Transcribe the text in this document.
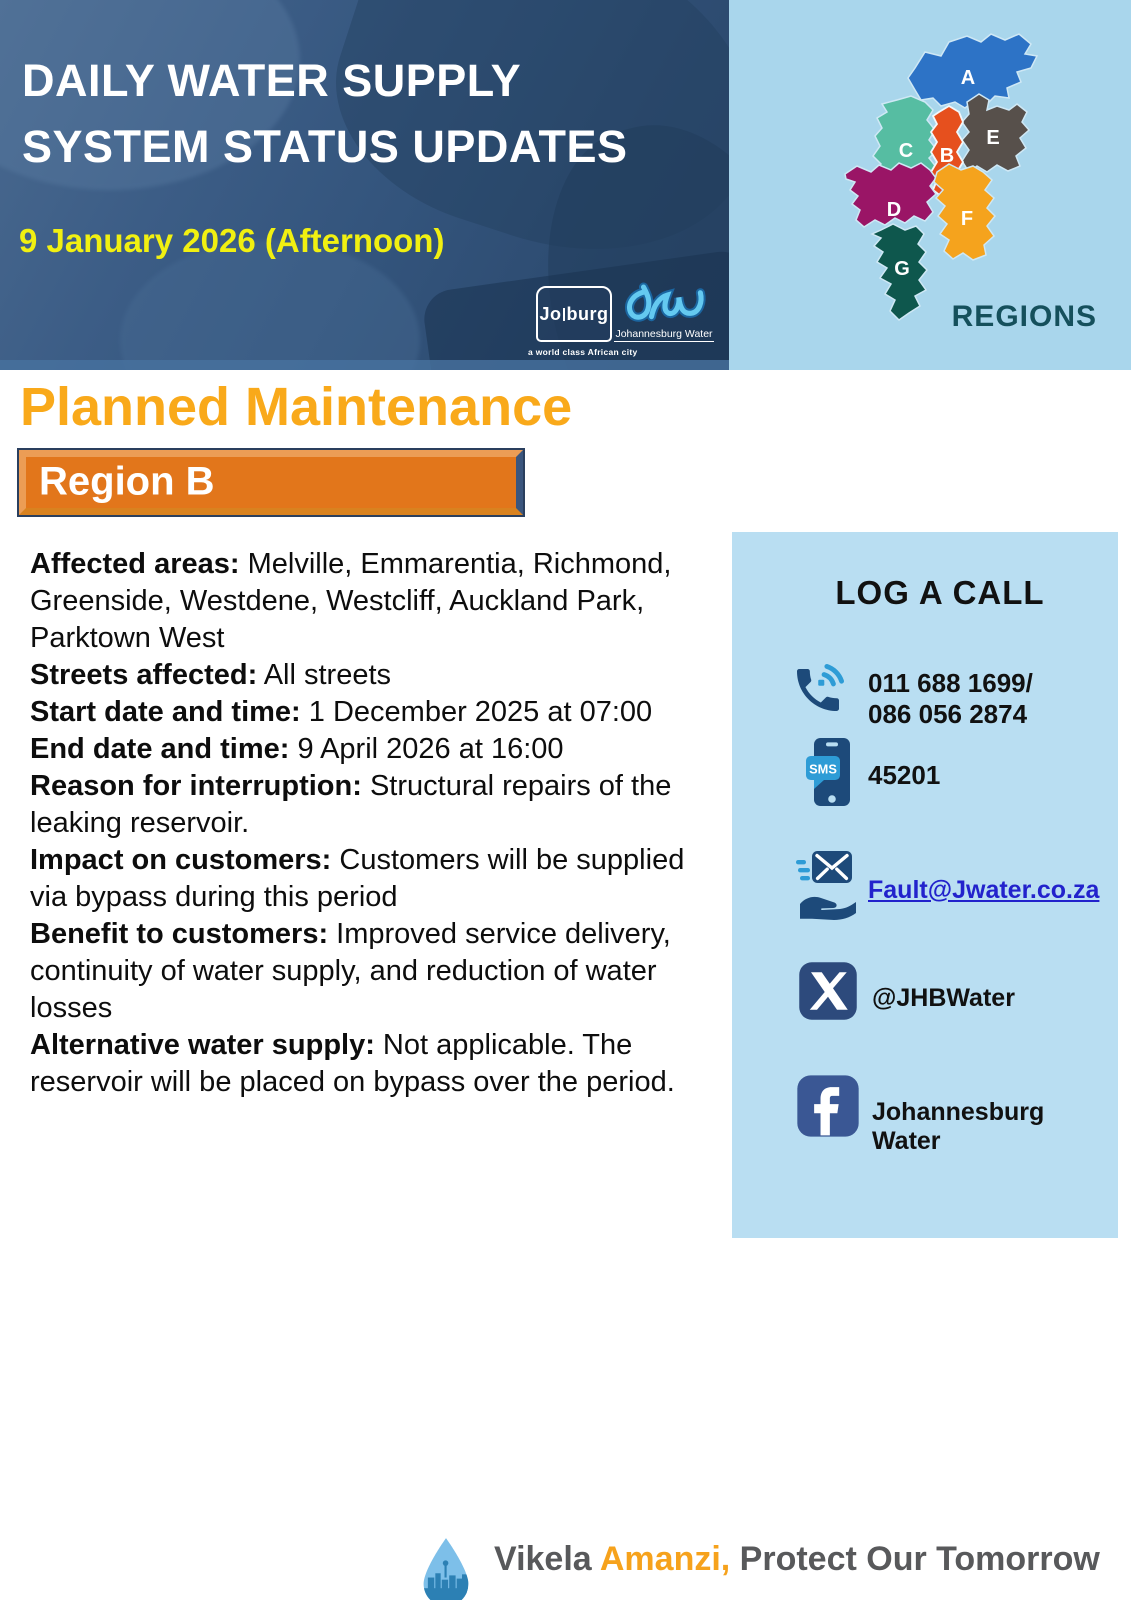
DAILY WATER SUPPLY
SYSTEM STATUS UPDATES
9 January 2026 (Afternoon)
Jo burg
a world class African city
Johannesburg Water
A
C
E
B
D	F
G
REGIONS
Planned Maintenance
Region B

Affected areas: Melville, Emmarentia, Richmond, Greenside, Westdene, Westcliff, Auckland Park, Parktown West

Streets affected: All streets

Start date and time: 1 December 2025 at 07:00

End date and time: 9 April 2026 at 16:00

Reason for interruption: Structural repairs of the leaking reservoir.

Impact on customers: Customers will be supplied via bypass during this period

Benefit to customers: Improved service delivery, continuity of water supply, and reduction of water losses

Alternative water supply: Not applicable. The reservoir will be placed on bypass over the period.

LOG A CALL
011 688 1699/
086 056 2874
SMS 45201
Fault@Jwater.co.za
@JHBWater
Johannesburg Water
Vikela Amanzi, Protect Our Tomorrow
